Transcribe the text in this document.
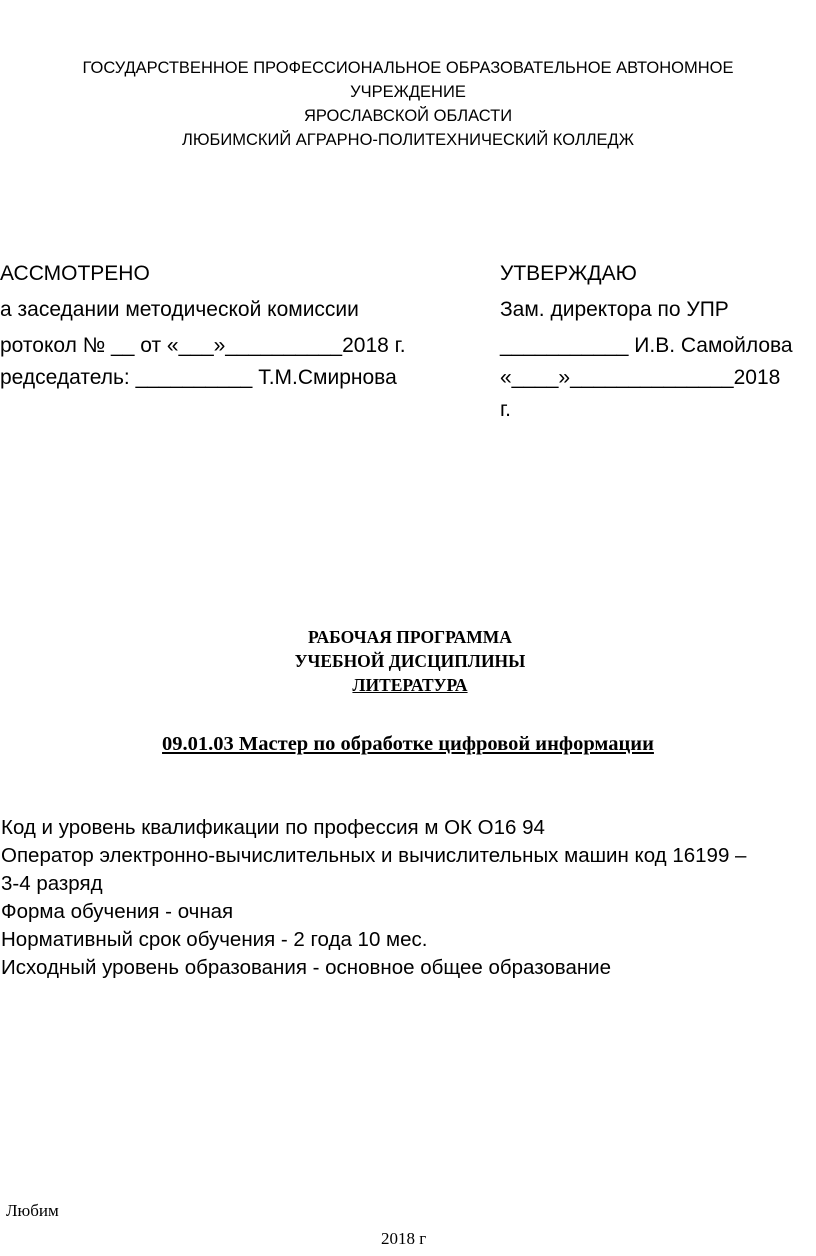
ГОСУДАРСТВЕННОЕ ПРОФЕССИОНАЛЬНОЕ ОБРАЗОВАТЕЛЬНОЕ АВТОНОМНОЕ
УЧРЕЖДЕНИЕ
ЯРОСЛАВСКОЙ ОБЛАСТИ
ЛЮБИМСКИЙ АГРАРНО-ПОЛИТЕХНИЧЕСКИЙ КОЛЛЕДЖ
АССМОТРЕНО
а заседании методической комиссии
ротокол № __ от «___»__________2018 г.
редседатель: __________ Т.М.Смирнова
УТВЕРЖДАЮ
Зам. директора по УПР
___________ И.В. Самойлова
«____»______________2018
г.
РАБОЧАЯ ПРОГРАММА
УЧЕБНОЙ ДИСЦИПЛИНЫ
ЛИТЕРАТУРА
09.01.03 Мастер по обработке цифровой информации
Код и уровень квалификации по профессия м ОК О16 94
Оператор электронно-вычислительных и вычислительных машин код 16199 –
3-4 разряд
Форма обучения - очная
Нормативный срок обучения - 2 года 10 мес.
Исходный уровень образования - основное общее образование
Любим
2018 г
